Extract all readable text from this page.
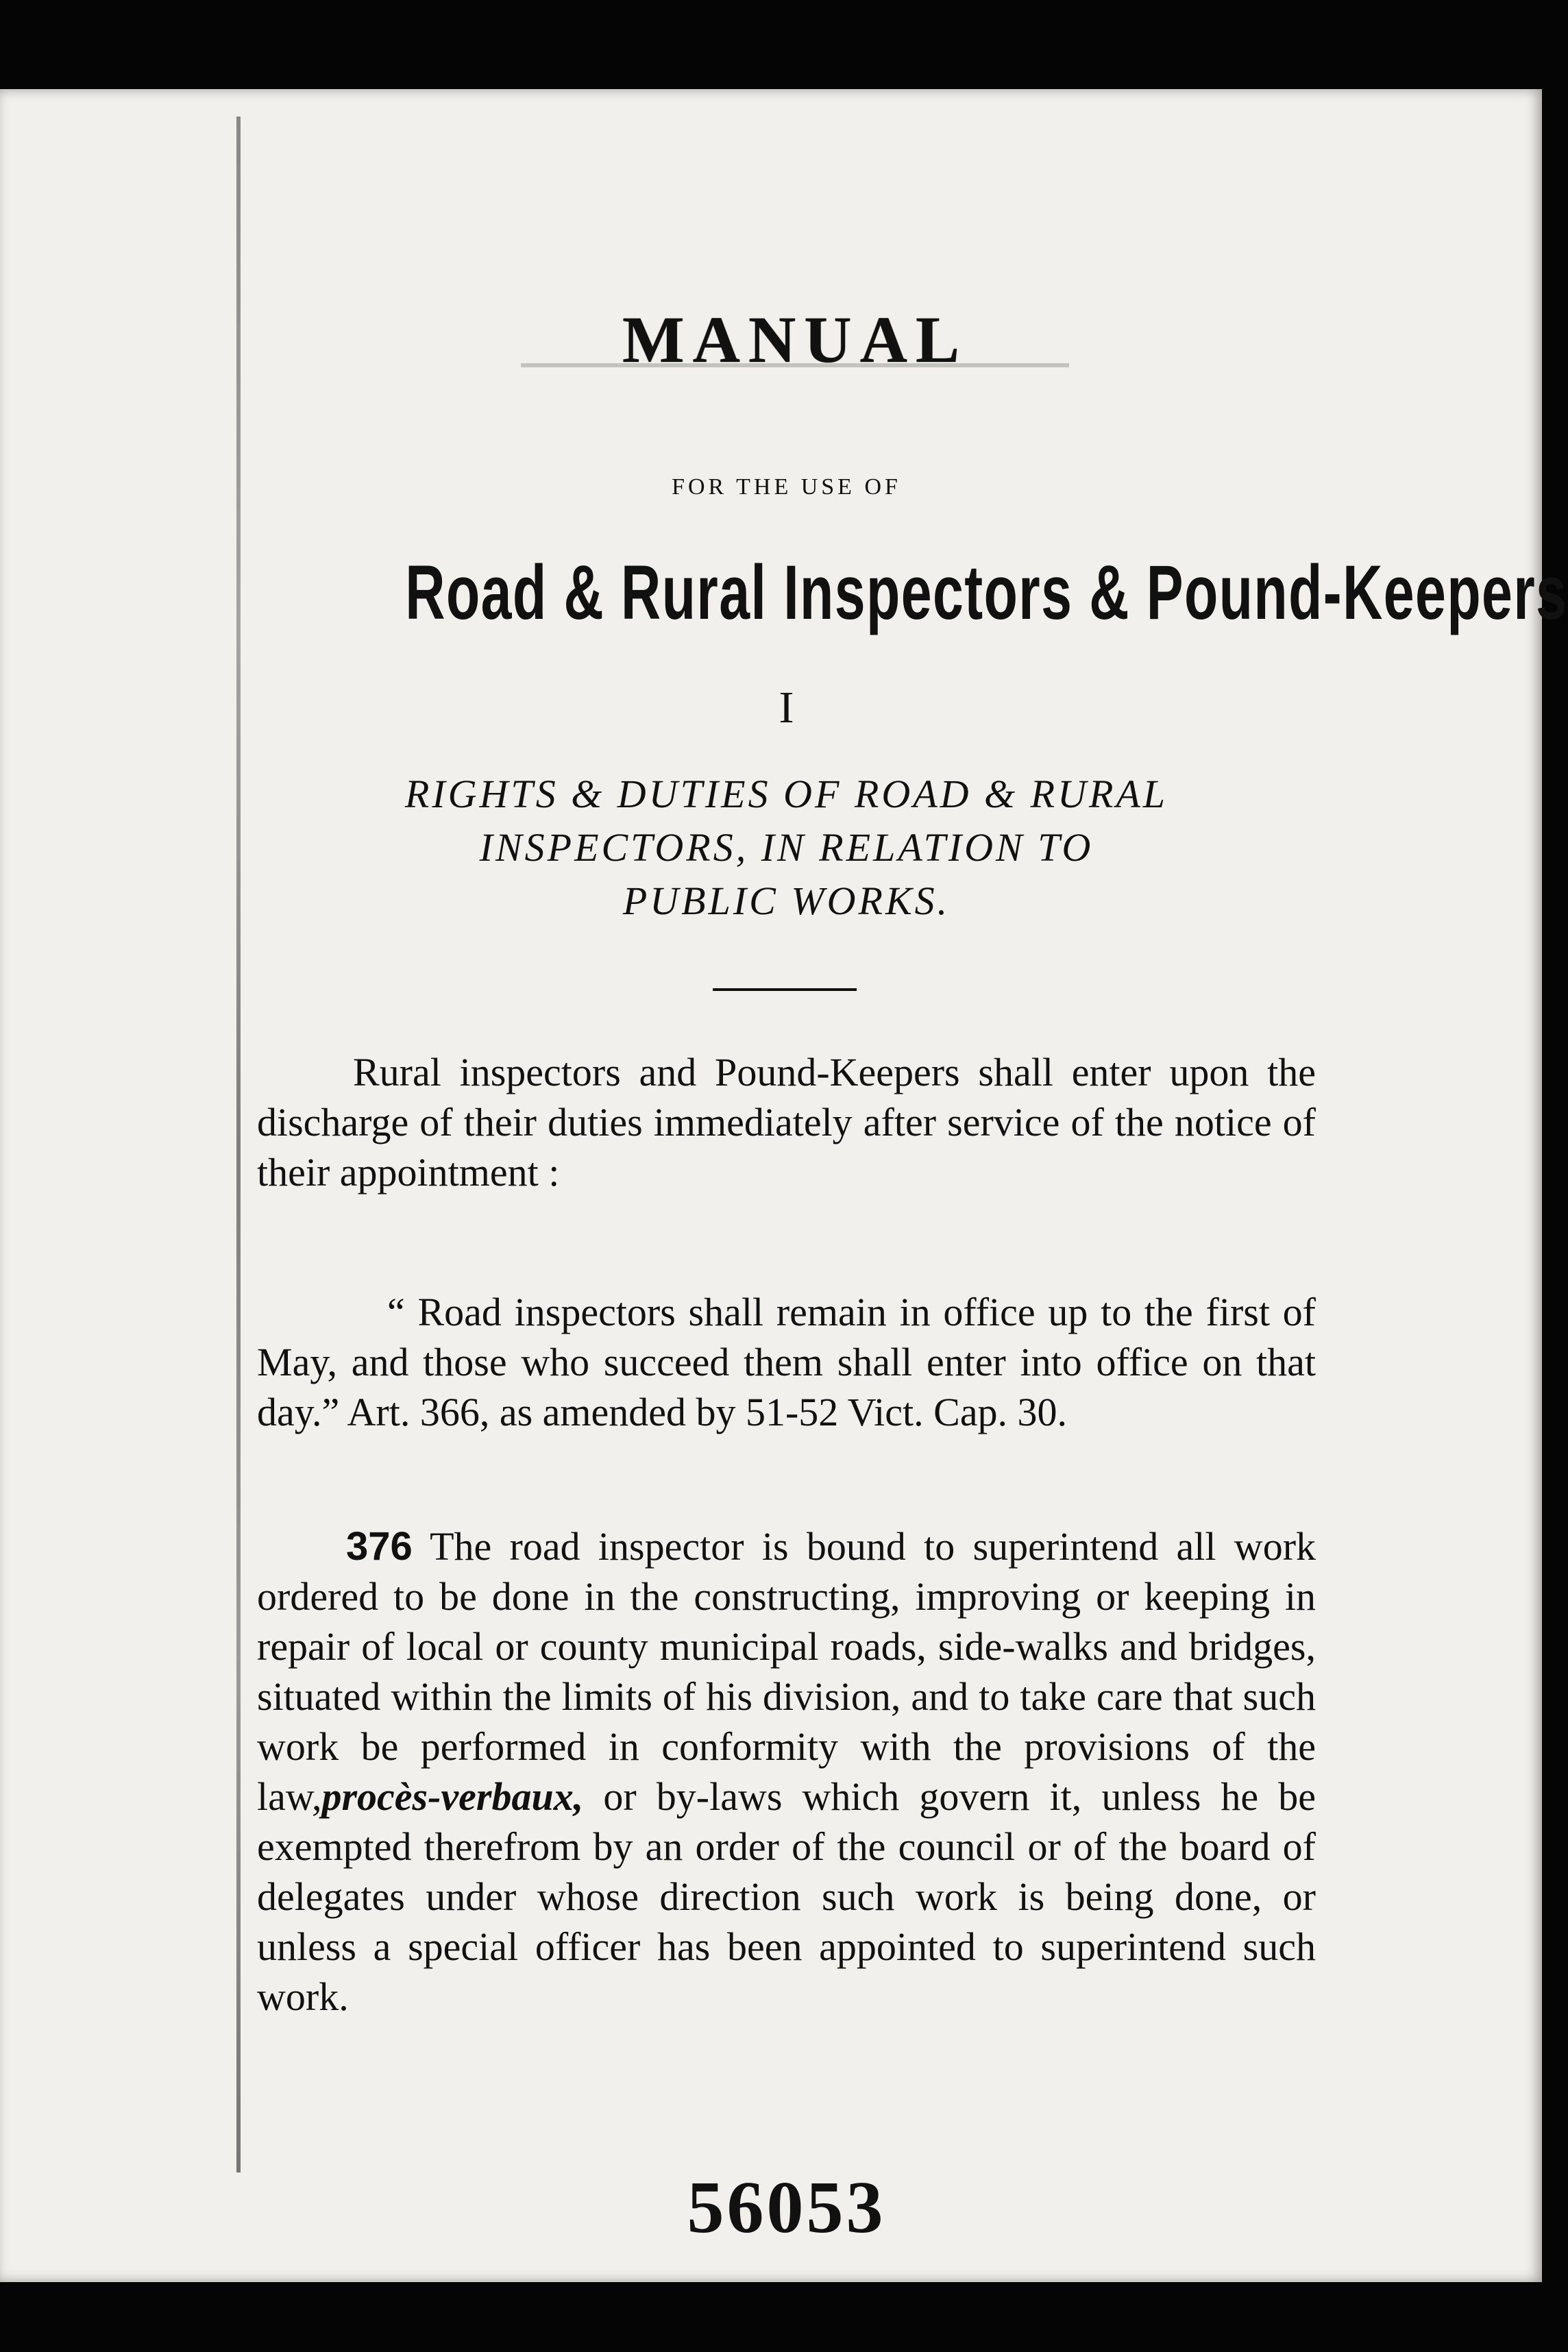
MANUAL
FOR THE USE OF
Road & Rural Inspectors & Pound-Keepers
I
RIGHTS & DUTIES OF ROAD & RURAL
INSPECTORS, IN RELATION TO
PUBLIC WORKS.
Rural inspectors and Pound-Keepers shall enter upon the discharge of their duties immediately after service of the notice of their appointment :
“ Road inspectors shall remain in office up to the first of May, and those who succeed them shall enter into office on that day.” Art. 366, as amended by 51-52 Vict. Cap. 30.
376 The road inspector is bound to superintend all work ordered to be done in the constructing, improving or keeping in repair of local or county municipal roads, side-walks and bridges, situated within the limits of his division, and to take care that such work be performed in conformity with the provisions of the law,procès-verbaux, or by-laws which govern it, unless he be exempted therefrom by an order of the council or of the board of delegates under whose direction such work is being done, or unless a special officer has been appointed to superintend such work.
56053
